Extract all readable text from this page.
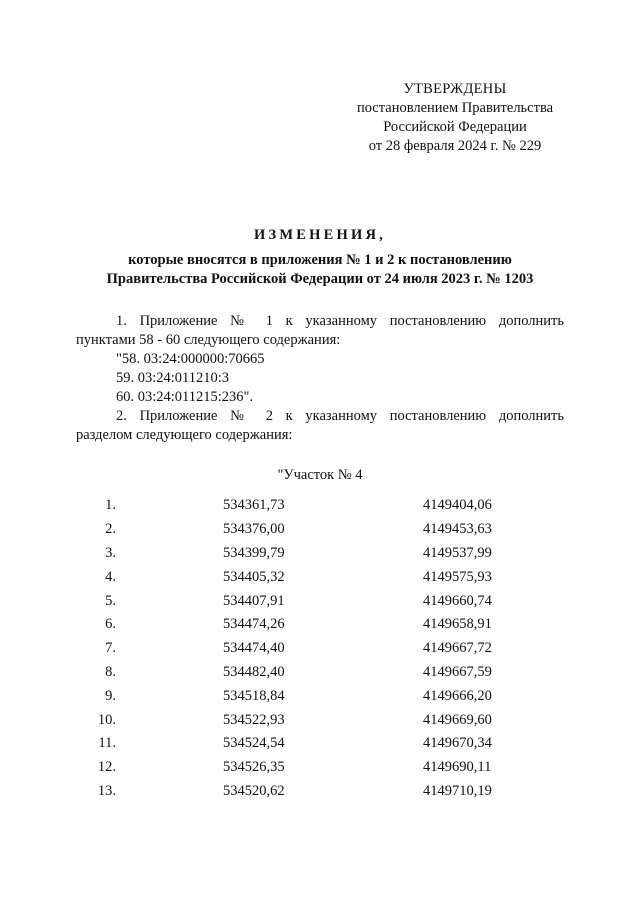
УТВЕРЖДЕНЫ
постановлением Правительства
Российской Федерации
от 28 февраля 2024 г. № 229
ИЗМЕНЕНИЯ,
которые вносятся в приложения № 1 и 2 к постановлению
Правительства Российской Федерации от 24 июля 2023 г. № 1203
1. Приложение № 1 к указанному постановлению дополнить
пунктами 58 - 60 следующего содержания:
"58. 03:24:000000:70665
59. 03:24:011210:3
60. 03:24:011215:236".
2. Приложение № 2 к указанному постановлению дополнить
разделом следующего содержания:
"Участок № 4
1.	534361,73	4149404,06
2.	534376,00	4149453,63
3.	534399,79	4149537,99
4.	534405,32	4149575,93
5.	534407,91	4149660,74
6.	534474,26	4149658,91
7.	534474,40	4149667,72
8.	534482,40	4149667,59
9.	534518,84	4149666,20
10.	534522,93	4149669,60
11.	534524,54	4149670,34
12.	534526,35	4149690,11
13.	534520,62	4149710,19
